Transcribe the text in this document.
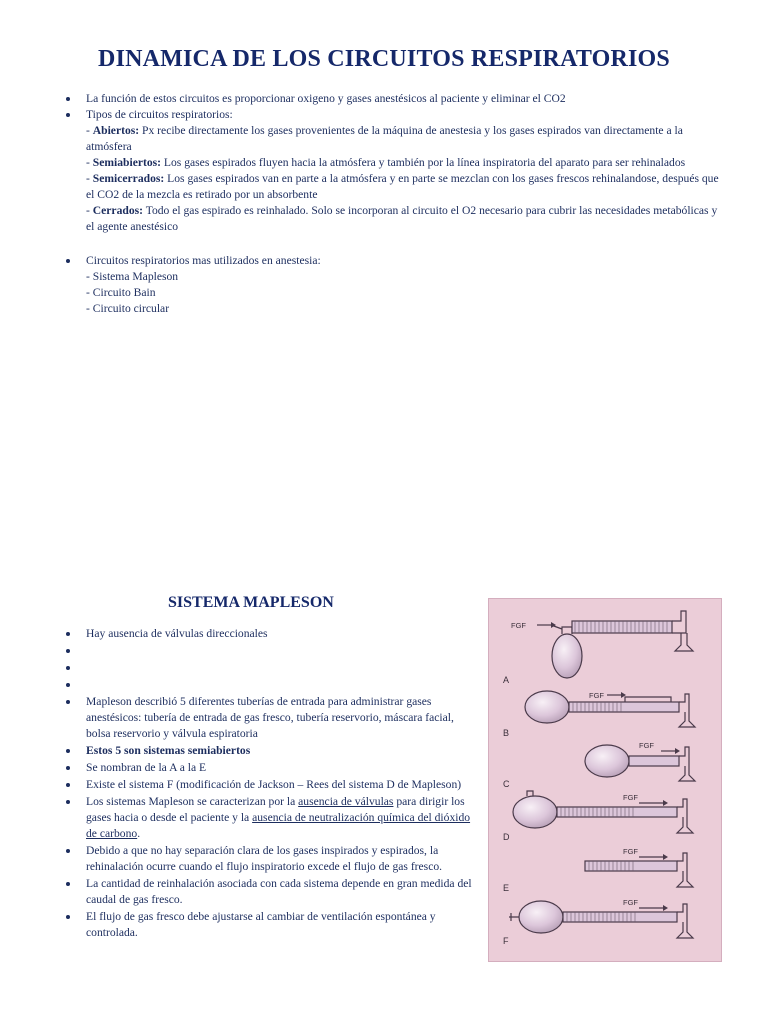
DINAMICA DE LOS CIRCUITOS RESPIRATORIOS
La función de estos circuitos es proporcionar oxigeno y gases anestésicos al paciente y eliminar el CO2
Tipos de circuitos respiratorios:
- Abiertos: Px recibe directamente los gases provenientes de la máquina de anestesia y los gases espirados van directamente a la atmósfera
- Semiabiertos: Los gases espirados fluyen hacia la atmósfera y también por la línea inspiratoria del aparato para ser rehinalados
- Semicerrados: Los gases espirados van en parte a la atmósfera y en parte se mezclan con los gases frescos rehinalandose, después que el CO2 de la mezcla es retirado por un absorbente
- Cerrados: Todo el gas espirado es reinhalado. Solo se incorporan al circuito el O2 necesario para cubrir las necesidades metabólicas y el agente anestésico
Circuitos respiratorios mas utilizados en anestesia:
- Sistema Mapleson
- Circuito Bain
- Circuito circular
SISTEMA MAPLESON
Hay ausencia de válvulas direccionales
Mapleson describió 5 diferentes tuberías de entrada para administrar gases anestésicos: tubería de entrada de gas fresco, tubería reservorio, máscara facial, bolsa reservorio y válvula espiratoria
Estos 5 son sistemas semiabiertos
Se nombran de la A a la E
Existe el sistema F (modificación de Jackson – Rees del sistema D de Mapleson)
Los sistemas Mapleson se caracterizan por la ausencia de válvulas para dirigir los gases hacia o desde el paciente y la ausencia de neutralización química del dióxido de carbono.
Debido a que no hay separación clara de los gases inspirados y espirados, la rehinalación ocurre cuando el flujo inspiratorio excede el flujo de gas fresco.
La cantidad de reinhalación asociada con cada sistema depende en gran medida del caudal de gas fresco.
El flujo de gas fresco debe ajustarse al cambiar de ventilación espontánea y controlada.
FGF
FGF
FGF
FGF
FGF
FGF
A
B
C
D
E
F
